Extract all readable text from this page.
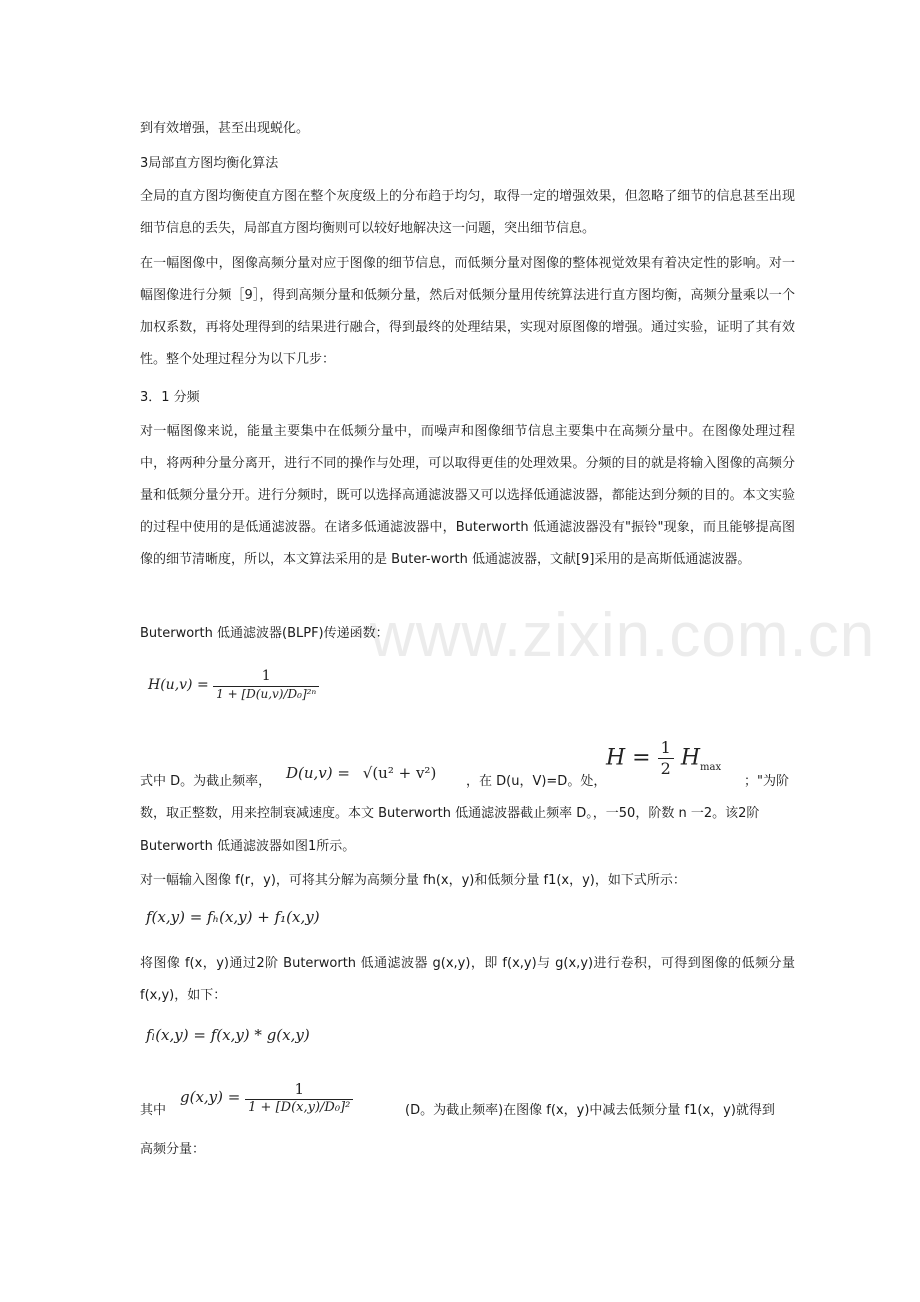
www.zixin.com.cn
到有效增强，甚至出现蜕化。
3局部直方图均衡化算法

全局的直方图均衡使直方图在整个灰度级上的分布趋于均匀，取得一定的增强效果，但忽略了细节的信息甚至出现细节信息的丢失，局部直方图均衡则可以较好地解决这一问题，突出细节信息。

在一幅图像中，图像高频分量对应于图像的细节信息，而低频分量对图像的整体视觉效果有着决定性的影响。对一幅图像进行分频［9］，得到高频分量和低频分量，然后对低频分量用传统算法进行直方图均衡，高频分量乘以一个加权系数，再将处理得到的结果进行融合，得到最终的处理结果，实现对原图像的增强。通过实验，证明了其有效性。整个处理过程分为以下几步：

3．1 分频

对一幅图像来说，能量主要集中在低频分量中，而噪声和图像细节信息主要集中在高频分量中。在图像处理过程中，将两种分量分离开，进行不同的操作与处理，可以取得更佳的处理效果。分频的目的就是将输入图像的高频分量和低频分量分开。进行分频时，既可以选择高通滤波器又可以选择低通滤波器，都能达到分频的目的。本文实验的过程中使用的是低通滤波器。在诸多低通滤波器中，Buterworth 低通滤波器没有"振铃"现象，而且能够提高图像的细节清晰度，所以，本文算法采用的是 Buter-worth 低通滤波器，文献[9]采用的是高斯低通滤波器。

Buterworth 低通滤波器(BLPF)传递函数：
$H(u,v) = \frac{1}{\text{1 + [D(u,v)/D₀]²ⁿ}}$
式中 D。为截止频率， D(u,v) = √(u² + v²) ，在 D(u，V)=D。处，
$H = \frac{1}{2} H_{max}$
；"为阶
数，取正整数，用来控制衰减速度。本文 Buterworth 低通滤波器截止频率 D。，一50，阶数 n 一2。该2阶
Buterworth 低通滤波器如图1所示。
对一幅输入图像 f(r，y)，可将其分解为高频分量 fh(x，y)和低频分量 f1(x，y)，如下式所示：
f(x,y) = fₕ(x,y) + f₁(x,y)

将图像 f(x，y)通过2阶 Buterworth 低通滤波器 g(x,y)，即 f(x,y)与 g(x,y)进行卷积，可得到图像的低频分量 f(x,y)，如下：

fₗ(x,y) = f(x,y) * g(x,y)
其中
$g(x,y) = \frac{1}{\text{1 + [D(x,y)/D₀]²}}$	(D。为截止频率)在图像 f(x，y)中减去低频分量 f1(x，y)就得到
高频分量：
